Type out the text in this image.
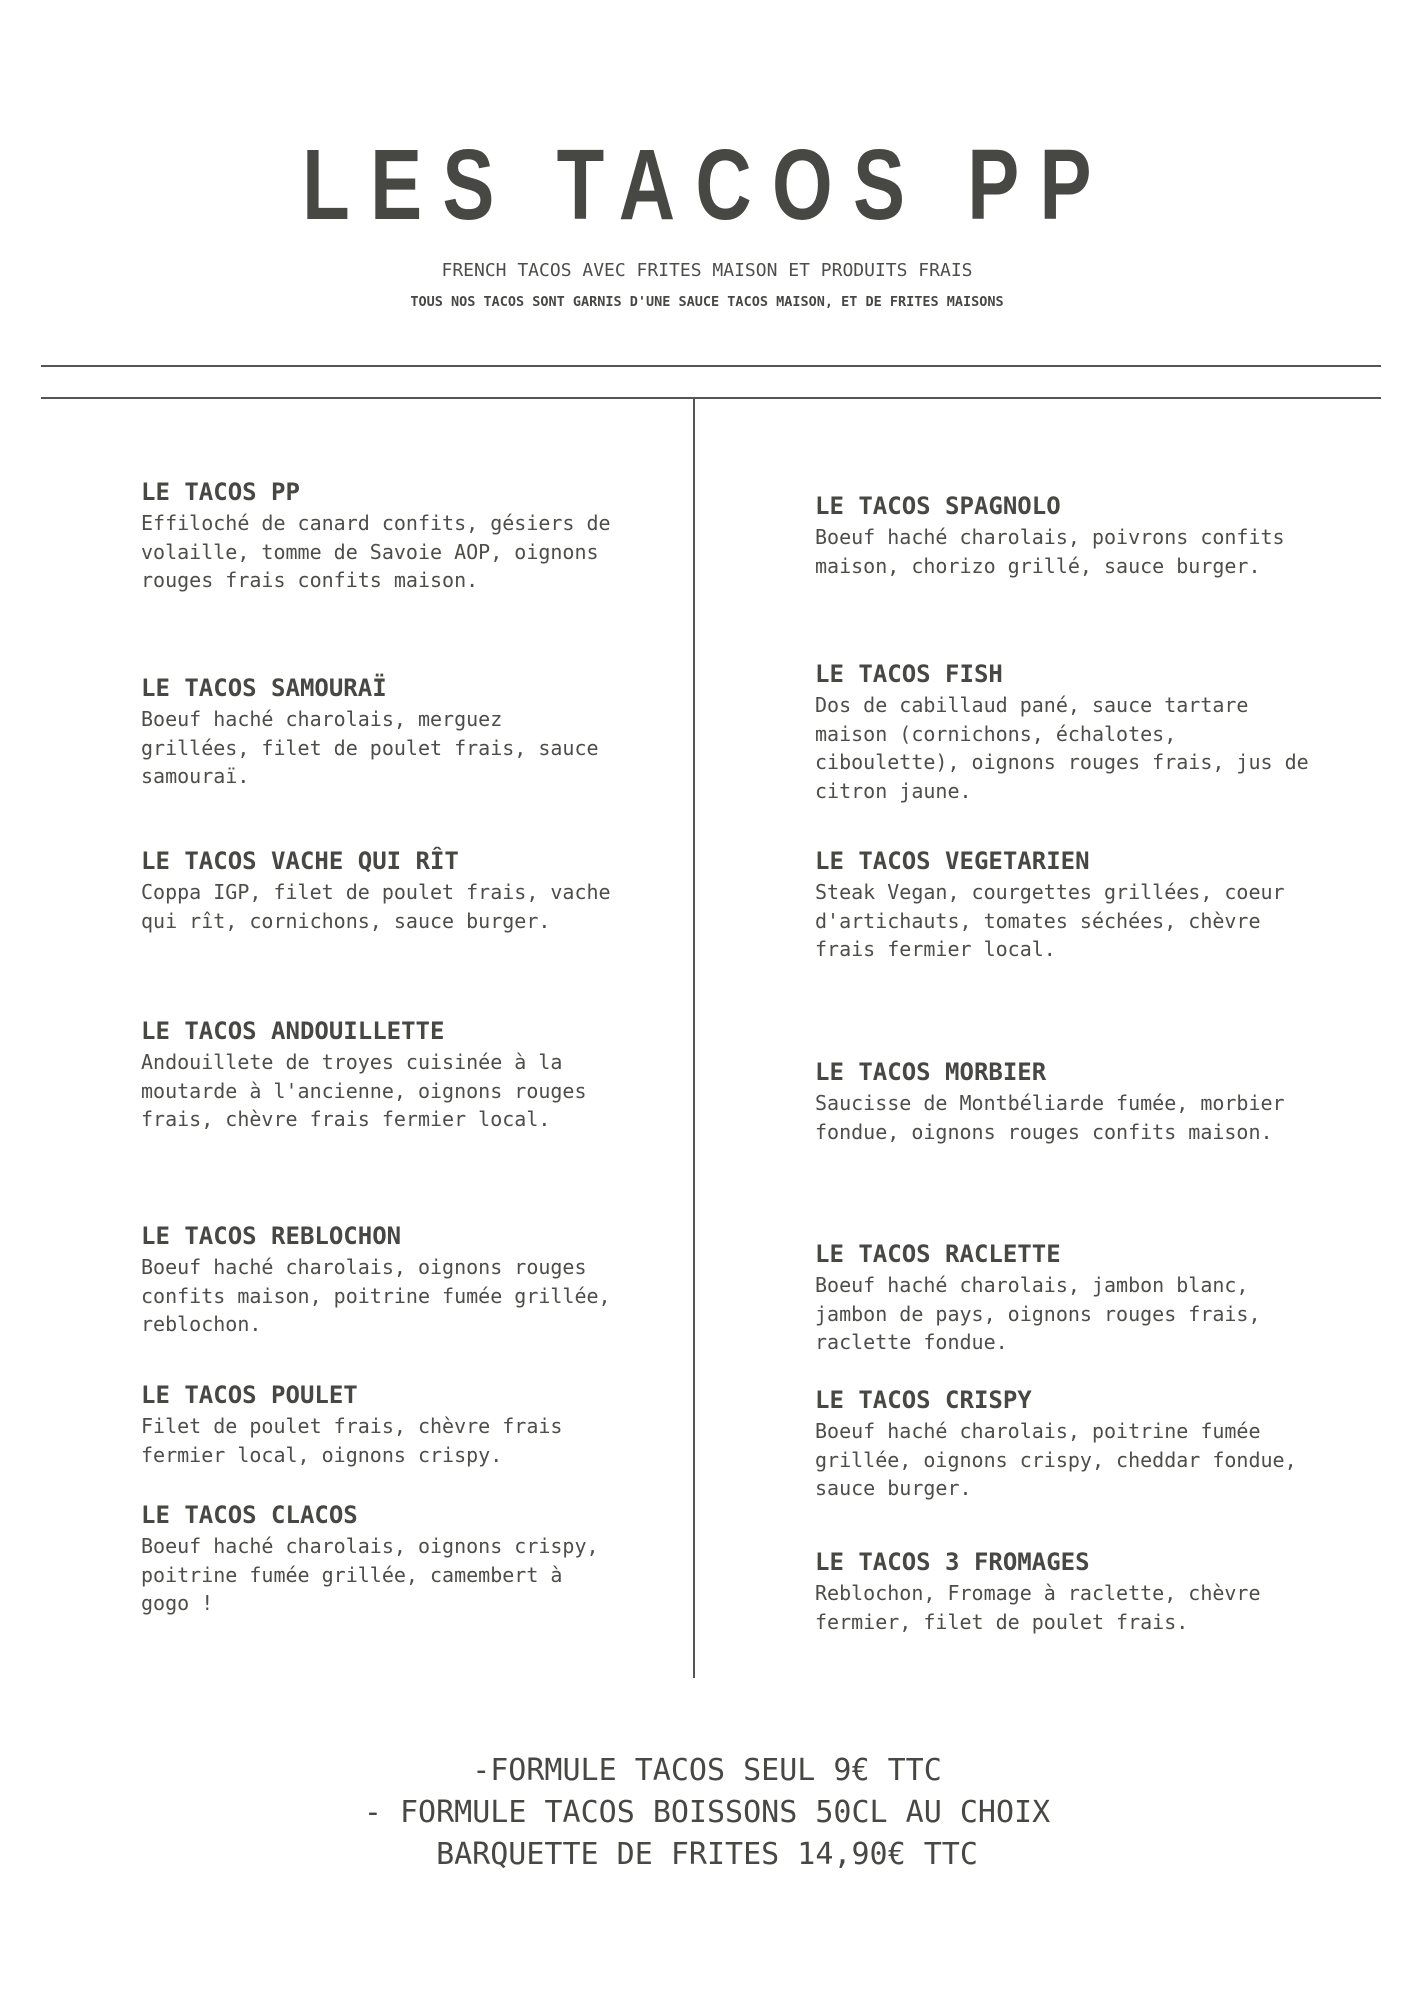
LES TACOS PP
FRENCH TACOS AVEC FRITES MAISON ET PRODUITS FRAIS
TOUS NOS TACOS SONT GARNIS D'UNE SAUCE TACOS MAISON, ET DE FRITES MAISONS
LE TACOS PP
Effiloché de canard confits, gésiers de volaille, tomme de Savoie AOP, oignons rouges frais confits maison.
LE TACOS SAMOURAÏ
Boeuf haché charolais, merguez grillées, filet de poulet frais, sauce samouraï.
LE TACOS VACHE QUI RÎT
Coppa IGP, filet de poulet frais, vache qui rît, cornichons, sauce burger.
LE TACOS ANDOUILLETTE
Andouillete de troyes cuisinée à la moutarde à l'ancienne, oignons rouges frais, chèvre frais fermier local.
LE TACOS REBLOCHON
Boeuf haché charolais, oignons rouges confits maison, poitrine fumée grillée, reblochon.
LE TACOS POULET
Filet de poulet frais, chèvre frais fermier local, oignons crispy.
LE TACOS CLACOS
Boeuf haché charolais, oignons crispy, poitrine fumée grillée, camembert à gogo !
LE TACOS SPAGNOLO
Boeuf haché charolais, poivrons confits maison, chorizo grillé, sauce burger.
LE TACOS FISH
Dos de cabillaud pané, sauce tartare maison (cornichons, échalotes, ciboulette), oignons rouges frais, jus de citron jaune.
LE TACOS VEGETARIEN
Steak Vegan, courgettes grillées, coeur d'artichauts, tomates séchées, chèvre frais fermier local.
LE TACOS MORBIER
Saucisse de Montbéliarde fumée, morbier fondue, oignons rouges confits maison.
LE TACOS RACLETTE
Boeuf haché charolais, jambon blanc, jambon de pays, oignons rouges frais, raclette fondue.
LE TACOS CRISPY
Boeuf haché charolais, poitrine fumée grillée, oignons crispy, cheddar fondue, sauce burger.
LE TACOS 3 FROMAGES
Reblochon, Fromage à raclette, chèvre fermier, filet de poulet frais.
-FORMULE TACOS SEUL 9€ TTC
- FORMULE TACOS BOISSONS 50CL AU CHOIX
BARQUETTE DE FRITES 14,90€ TTC
